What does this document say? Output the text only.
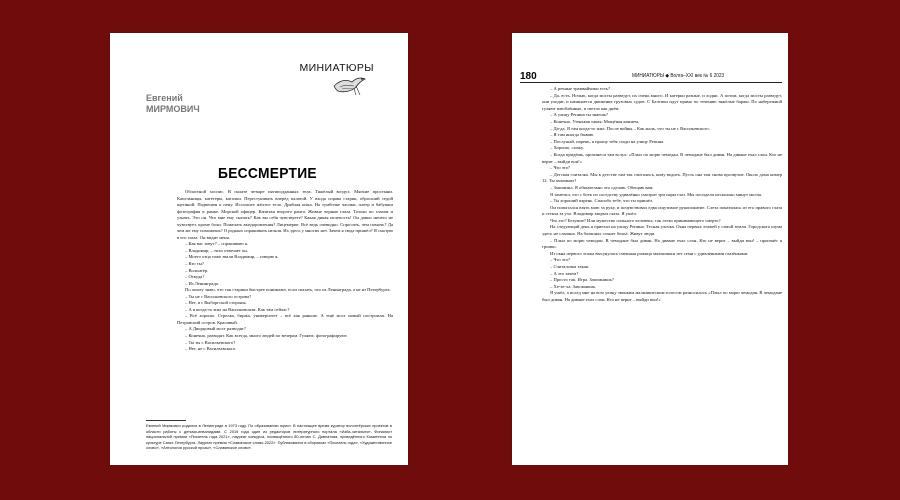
МИНИАТЮРЫ
Евгений
МИРМОВИЧ
БЕССМЕРТИЕ

Областной хоспис. В палате четыре пятиподданных тела. Тяжёлый воздух. Мягкие простыни. Капельницы, катетеры, каталки. Перестукивать вперёд палатой. У входа справа старик, обросший седой щетиной. Подвешен к пену. Иссохшее жёлтое тело. Дряблая кожа. На тумбочке часики, плеер и бабушки фотография в рамке. Морской офицер. Капитан второго ранга. Живые черные глаза. Только по глазам и узнать. Это он. Что мне ему сказать? Как вы себя чувствуете? Какая дикая нелепость! Он давно ничего не чувствует, кроме боли. Пожелать выздоровления? Лицемерие. Всё ведь очевидно. Спросить, чем помочь? Да чем же ему поможешь? О родных спрашивать нельзя. Их здесь у многих нет. Зачем я сюда пришёл? Я смотрю в его глаза. Он видит меня.

– Как вас зовут? – спрашиваю я.

– Владимир, – тихо отвечает он.

– Моего отца тоже звали Владимир, – говорю я.

– Кто ты?

– Волонтёр.

– Откуда?

– Из Ленинграда.

По опыту знаю, что так старики быстрее понимают, если сказать, что из Ленинграда, а не из Петербурга.

– Ты не с Васильевского острова?

– Нет, я с Выборгской стороны.

– А я когда-то жил на Васильевском. Как там сейчас?

– Всё хорошо. Стрелка, биржа, университет – всё как раньше. А ещё мост новый построили. На Петровский остров. Красивый.

– А Дворцовый мост разводят?

– Конечно, разводят. Как всегда, много людей по вечерам. Гуляют, фотографируют.

– Ты ты с Васильевского?

– Нет, не с Васильевского.

Евгений Мирмович родился в Ленинграде в 1973 году. По образованию юрист. В настоящее время куратор волонтёрских проектов в области работы с детьми-инвалидами. С 2019 года один из редакторов литературного портала «Изба-читальня». Финалист национальной премии «Писатель года 2021», лауреат конкурса, посвящённого 80-летию С. Довлатова, проведённого Комитетом по культуре Санкт-Петербурга. Лауреат премии «Славянское слово-2022». Публиковался в сборниках «Писатель года», «Художественное слово», «Антология русской прозы», «Славянское слово».
180	МИНИАТЮРЫ ◆ Волга–XXI век № 6 2023

– А речные трамвайчики есть?

– Да, есть. Ночью, когда мосты разведут, их очень много. И катерки разные, и лодки. А потом, когда мосты разведут, они уходят, и начинается движение грузовых судов. С Балтики идут прямо по течению тяжёлые баржи. По набережной гуляют влюблённые, и светло как днём.

– А улицу Репина ты знаешь?

– Конечно. Узенькая такая. Мощёная камнем.

– Да-да. Я там когда-то жил. После войны... Как жаль, что ты не с Васильевского.

– Я там иногда бываю.

– Послушай, парень, я прошу тебя сходи на улицу Репина.

– Хорошо, схожу.

– Когда придёшь, произнеси там вслух: «Плыл по морю чемодан. В чемодане был диван. На диване ехал слон. Кто не верит – выйди вон!»

– Что это?

– Детская считалка. Мы в детстве там так считались, кому водить. Пусть она там снова прозвучит. Около дома номер 12. Ты запомнил?

– Запомнил. Я обязательно это сделаю. Обещаю вам.

Я заметил, что с боек по соседству удивлённо смотрит три пары глаз. Мы посидели несколько минут молча.

– Ты хороший парень. Спасибо тебе, что ты пришёл.

Он попытался взять мою за руку, и почувствовал едва ощутимое рукопожатие. Слеза покатилась из его правого глаза и стекла за ухо. Владимир закрыл глаза. Я ушёл.

Что это? Безумие? Или мужество сильного человека, так легко принимающего смерть?

На следующий день я приехал на улицу Репина. Тесная улочка. Окна первых этажей у самой земли. Городского шума здесь не слышно. На балконах сохнет бельё. Живут люди.

– Плыл по морю чемодан. В чемодане был диван. На диване ехал слон. Кто не верит – выйди вон! – произнёс я громко.

Из окна первого этажа высунулась смешная рожица мальчишки лет семи с удивлёнными глазёнками.

– Что это?

– Считалочка такая.

– А это зачем?

– Просто так. Игра. Запомнишь?

– Хе-хе-ха. Запомнишь.

Я ушёл, а вслед мне на всю улицу звонким мальчишеским голосом разносилось «Плыл по морю чемодан. В чемодане был диван. На диване ехал слон. Кто не верит – выйди вон!»
